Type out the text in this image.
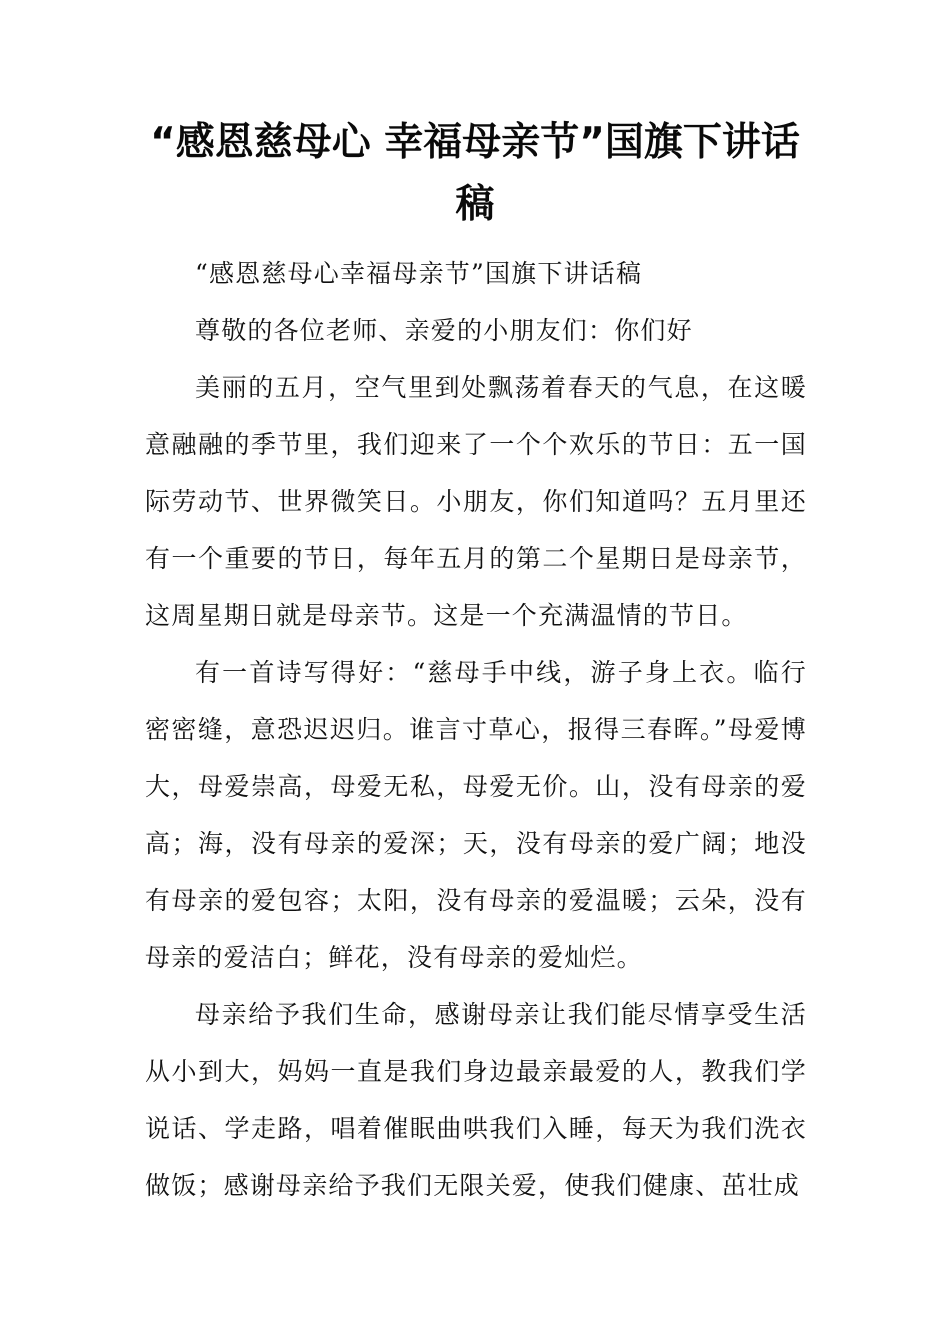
“感恩慈母心 幸福母亲节”国旗下讲话稿

“感恩慈母心幸福母亲节”国旗下讲话稿

尊敬的各位老师、亲爱的小朋友们：你们好

美丽的五月，空气里到处飘荡着春天的气息，在这暖意融融的季节里，我们迎来了一个个欢乐的节日：五一国际劳动节、世界微笑日。小朋友，你们知道吗？五月里还有一个重要的节日，每年五月的第二个星期日是母亲节，这周星期日就是母亲节。这是一个充满温情的节日。

有一首诗写得好：“慈母手中线，游子身上衣。临行密密缝，意恐迟迟归。谁言寸草心，报得三春晖。”母爱博大，母爱崇高，母爱无私，母爱无价。山，没有母亲的爱高；海，没有母亲的爱深；天，没有母亲的爱广阔；地没有母亲的爱包容；太阳，没有母亲的爱温暖；云朵，没有母亲的爱洁白；鲜花，没有母亲的爱灿烂。

母亲给予我们生命，感谢母亲让我们能尽情享受生活从小到大，妈妈一直是我们身边最亲最爱的人，教我们学说话、学走路，唱着催眠曲哄我们入睡，每天为我们洗衣做饭；感谢母亲给予我们无限关爱，使我们健康、茁壮成
